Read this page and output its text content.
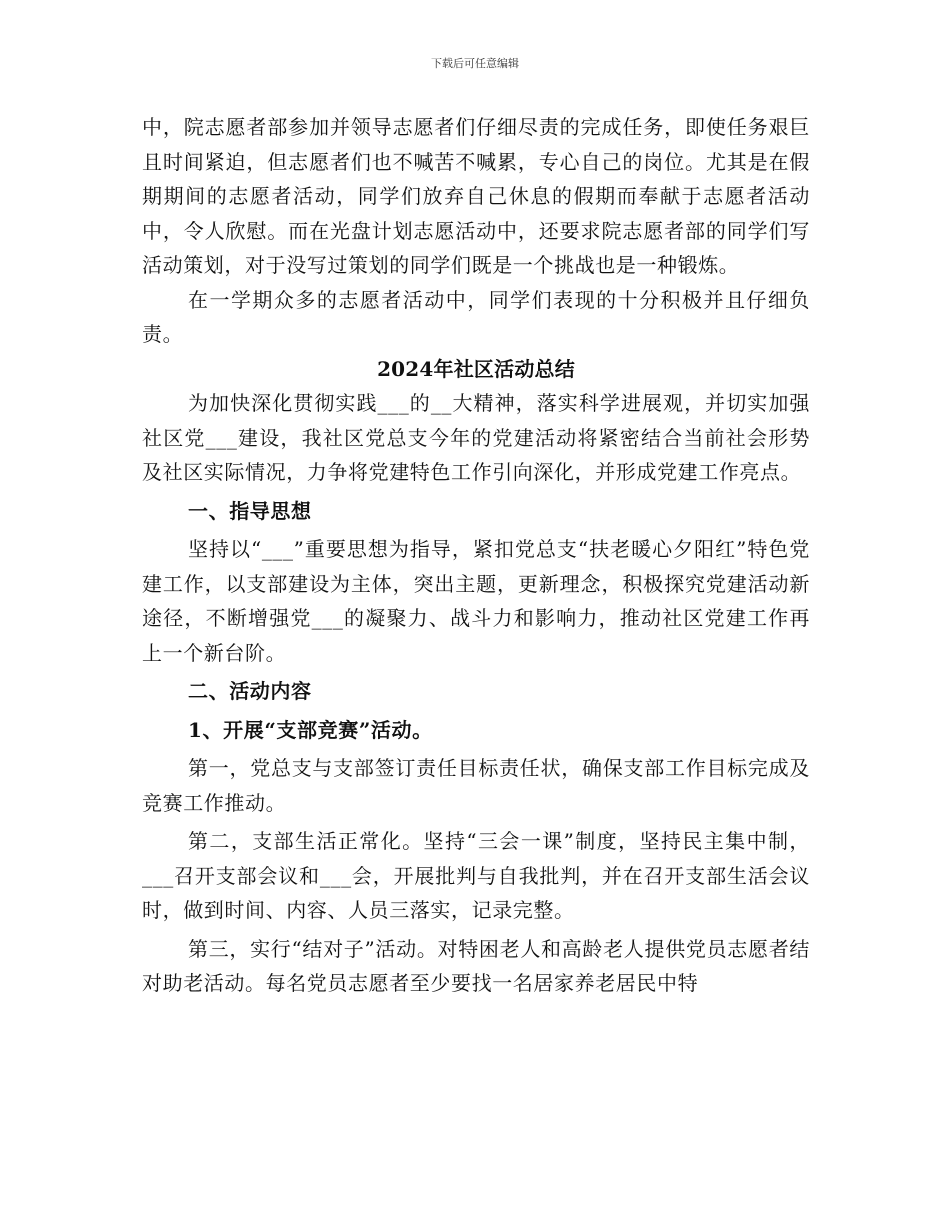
下载后可任意编辑

中，院志愿者部参加并领导志愿者们仔细尽责的完成任务，即使任务艰巨且时间紧迫，但志愿者们也不喊苦不喊累，专心自己的岗位。尤其是在假期期间的志愿者活动，同学们放弃自己休息的假期而奉献于志愿者活动中，令人欣慰。而在光盘计划志愿活动中，还要求院志愿者部的同学们写活动策划，对于没写过策划的同学们既是一个挑战也是一种锻炼。

在一学期众多的志愿者活动中，同学们表现的十分积极并且仔细负责。

2024年社区活动总结

为加快深化贯彻实践___的__大精神，落实科学进展观，并切实加强社区党___建设，我社区党总支今年的党建活动将紧密结合当前社会形势及社区实际情况，力争将党建特色工作引向深化，并形成党建工作亮点。

一、指导思想

坚持以“___”重要思想为指导，紧扣党总支“扶老暖心夕阳红”特色党建工作，以支部建设为主体，突出主题，更新理念，积极探究党建活动新途径，不断增强党___的凝聚力、战斗力和影响力，推动社区党建工作再上一个新台阶。

二、活动内容

1、开展“支部竞赛”活动。

第一，党总支与支部签订责任目标责任状，确保支部工作目标完成及竞赛工作推动。

第二，支部生活正常化。坚持“三会一课”制度，坚持民主集中制，___召开支部会议和___会，开展批判与自我批判，并在召开支部生活会议时，做到时间、内容、人员三落实，记录完整。

第三，实行“结对子”活动。对特困老人和高龄老人提供党员志愿者结对助老活动。每名党员志愿者至少要找一名居家养老居民中特
